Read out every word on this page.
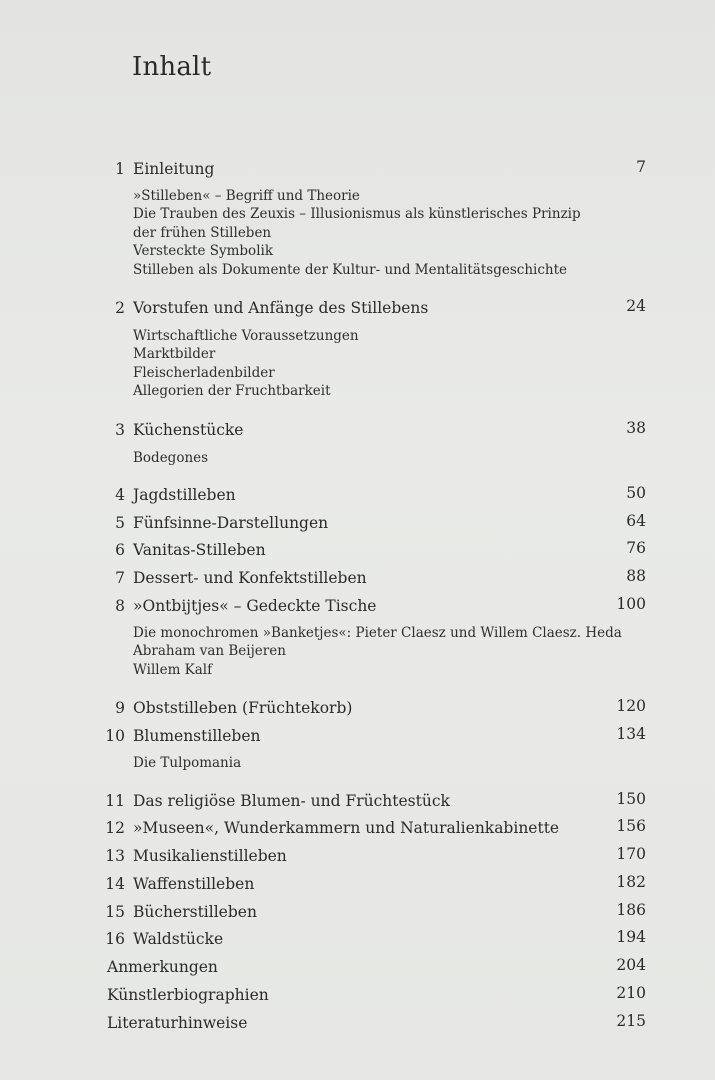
Inhalt
1 Einleitung	7
»Stilleben« – Begriff und Theorie
Die Trauben des Zeuxis – Illusionismus als künstlerisches Prinzip
der frühen Stilleben
Versteckte Symbolik
Stilleben als Dokumente der Kultur- und Mentalitätsgeschichte
2 Vorstufen und Anfänge des Stillebens	24
Wirtschaftliche Voraussetzungen
Marktbilder
Fleischerladenbilder
Allegorien der Fruchtbarkeit
3 Küchenstücke	38
Bodegones
4 Jagdstilleben	50
5 Fünfsinne-Darstellungen	64
6 Vanitas-Stilleben	76
7 Dessert- und Konfektstilleben	88
8 »Ontbijtjes« – Gedeckte Tische	100
Die monochromen »Banketjes«: Pieter Claesz und Willem Claesz. Heda
Abraham van Beijeren
Willem Kalf
9 Obststilleben (Früchtekorb)	120
10 Blumenstilleben	134
Die Tulpomania
11 Das religiöse Blumen- und Früchtestück	150
12 »Museen«, Wunderkammern und Naturalienkabinette	156
13 Musikalienstilleben	170
14 Waffenstilleben	182
15 Bücherstilleben	186
16 Waldstücke	194
Anmerkungen	204
Künstlerbiographien	210
Literaturhinweise	215
